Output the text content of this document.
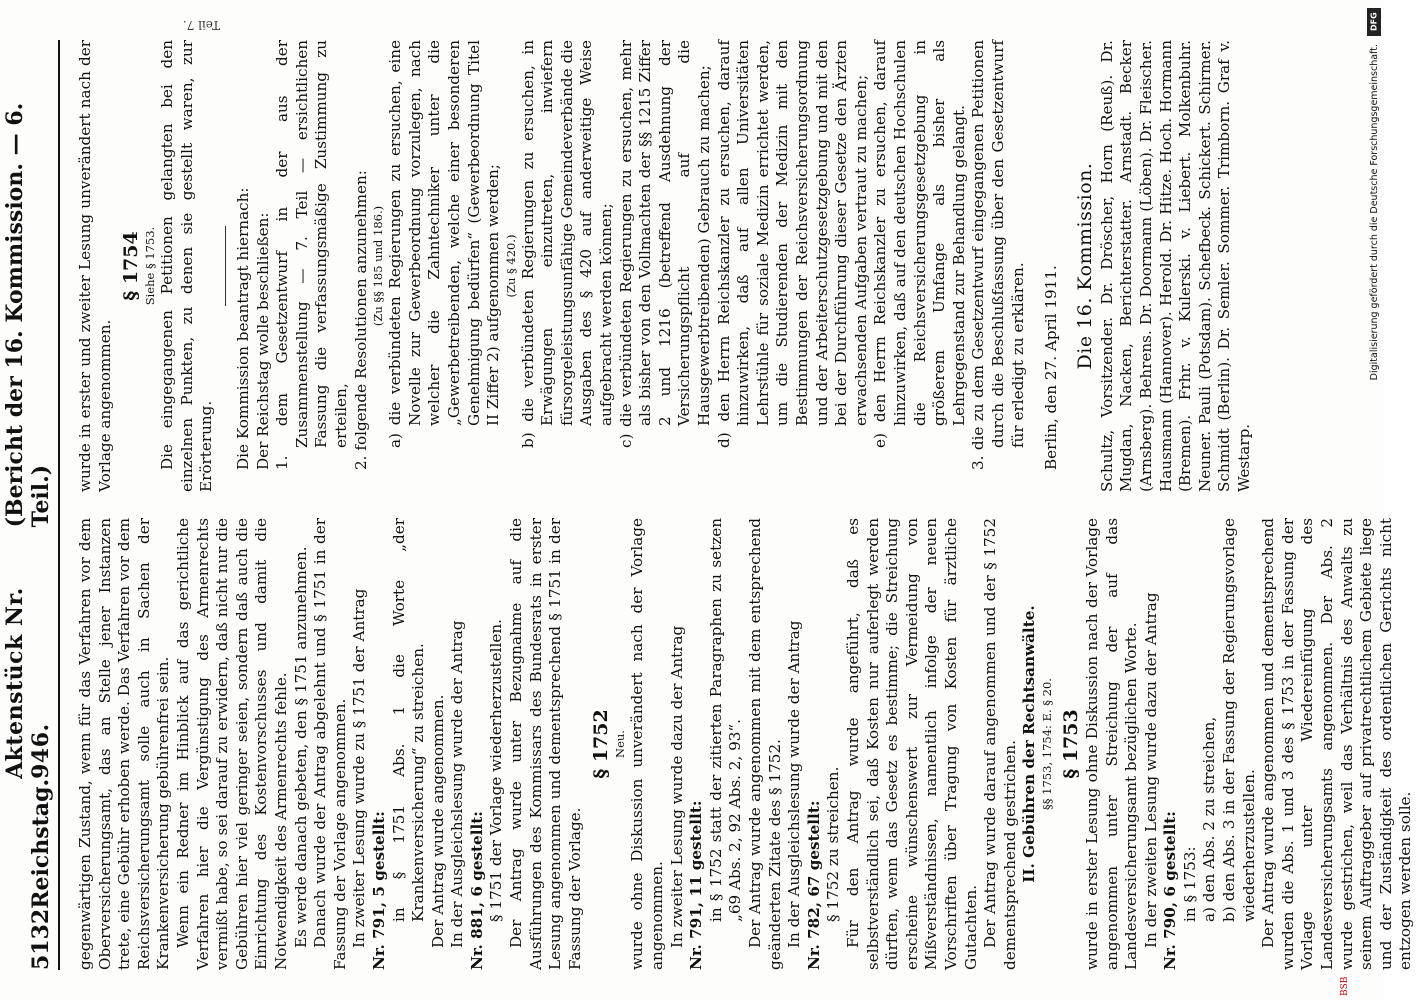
5132
Reichstag.
Aktenstück Nr. 946.
(Bericht der 16. Kommission. — 6. Teil.)

gegenwärtigen Zustand, wenn für das Verfahren vor dem Oberversicherungsamt, das an Stelle jener Instanzen trete, eine Gebühr erhoben werde. Das Verfahren vor dem Reichsversicherungsamt solle auch in Sachen der Krankenversicherung gebührenfrei sein. Wenn ein Redner im Hinblick auf das gerichtliche Verfahren hier die Vergünstigung des Armenrechts vermißt habe, so sei darauf zu erwidern, daß nicht nur die Gebühren hier viel geringer seien, sondern daß auch die Einrichtung des Kostenvorschusses und damit die Notwendigkeit des Armenrechts fehle. Es werde danach gebeten, den § 1751 anzunehmen. Danach wurde der Antrag abgelehnt und § 1751 in der Fassung der Vorlage angenommen. In zweiter Lesung wurde zu § 1751 der Antrag Nr. 791, 5 gestellt: in § 1751 Abs. 1 die Worte „der Krankenversicherung“ zu streichen. Der Antrag wurde angenommen. In der Ausgleichslesung wurde der Antrag Nr. 881, 6 gestellt: § 1751 der Vorlage wiederherzustellen. Der Antrag wurde unter Bezugnahme auf die Ausführungen des Kommissars des Bundesrats in erster Lesung angenommen und dementsprechend § 1751 in der Fassung der Vorlage.

§ 1752 Neu. wurde ohne Diskussion unverändert nach der Vorlage angenommen. In zweiter Lesung wurde dazu der Antrag Nr. 791, 11 gestellt: in § 1752 statt der zitierten Paragraphen zu setzen „69 Abs. 2, 92 Abs. 2, 93“. Der Antrag wurde angenommen mit dem entsprechend geänderten Zitate des § 1752. In der Ausgleichslesung wurde der Antrag Nr. 782, 67 gestellt: § 1752 zu streichen. Für den Antrag wurde angeführt, daß es selbstverständlich sei, daß Kosten nur auferlegt werden dürften, wenn das Gesetz es bestimme; die Streichung erscheine wünschenswert zur Vermeidung von Mißverständnissen, namentlich infolge der neuen Vorschriften über Tragung von Kosten für ärztliche Gutachten. Der Antrag wurde darauf angenommen und der § 1752 dementsprechend gestrichen. II. Gebühren der Rechtsanwälte. §§ 1753, 1754: E. § 20. § 1753 wurde in erster Lesung ohne Diskussion nach der Vorlage angenommen unter Streichung der auf das Landesversicherungsamt bezüglichen Worte. In der zweiten Lesung wurde dazu der Antrag Nr. 790, 6 gestellt: in § 1753: a) den Abs. 2 zu streichen, b) den Abs. 3 in der Fassung der Regierungsvorlage wiederherzustellen. Der Antrag wurde angenommen und dementsprechend wurden die Abs. 1 und 3 des § 1753 in der Fassung der Vorlage unter Wiedereinfügung des Landesversicherungsamts angenommen. Der Abs. 2 wurde gestrichen, weil das Verhältnis des Anwalts zu seinem Auftraggeber auf privatrechtlichem Gebiete liege und der Zuständigkeit des ordentlichen Gerichts nicht entzogen werden solle.

wurde in erster und zweiter Lesung unverändert nach der Vorlage angenommen.

§ 1754 Siehe § 1753. Die eingegangenen Petitionen gelangten bei den einzelnen Punkten, zu denen sie gestellt waren, zur Erörterung. Die Kommission beantragt hiernach: Der Reichstag wolle beschließen: 1. dem Gesetzentwurf in der aus der Zusammenstellung — 7. Teil — ersichtlichen Fassung die verfassungsmäßige Zustimmung zu erteilen, 2. folgende Resolutionen anzunehmen: (Zu §§ 185 und 186.) a) die verbündeten Regierungen zu ersuchen, eine Novelle zur Gewerbeordnung vorzulegen, nach welcher die Zahntechniker unter die „Gewerbetreibenden, welche einer besonderen Genehmigung bedürfen“ (Gewerbeordnung Titel II Ziffer 2) aufgenommen werden; (Zu § 420.) b) die verbündeten Regierungen zu ersuchen, in Erwägungen einzutreten, inwiefern fürsorgeleistungsunfähige Gemeindeverbände die Ausgaben des § 420 auf anderweitige Weise aufgebracht werden können; c) die verbündeten Regierungen zu ersuchen, mehr als bisher von den Vollmachten der §§ 1215 Ziffer 2 und 1216 (betreffend Ausdehnung der Versicherungspflicht auf die Hausgewerbtreibenden) Gebrauch zu machen; d) den Herrn Reichskanzler zu ersuchen, darauf hinzuwirken, daß auf allen Universitäten Lehrstühle für soziale Medizin errichtet werden, um die Studierenden der Medizin mit den Bestimmungen der Reichsversicherungsordnung und der Arbeiterschutzgesetzgebung und mit den bei der Durchführung dieser Gesetze den Ärzten erwachsenden Aufgaben vertraut zu machen; e) den Herrn Reichskanzler zu ersuchen, darauf hinzuwirken, daß auf den deutschen Hochschulen die Reichsversicherungsgesetzgebung in größerem Umfange als bisher als Lehrgegenstand zur Behandlung gelangt. 3. die zu dem Gesetzentwurf eingegangenen Petitionen durch die Beschlußfassung über den Gesetzentwurf für erledigt zu erklären. Berlin, den 27. April 1911. Die 16. Kommission. Schultz, Vorsitzender. Dr. Dröscher, Horn (Reuß). Dr. Mugdan, Nacken, Berichterstatter. Arnstadt. Becker (Arnsberg). Behrens. Dr. Doormann (Löben). Dr. Fleischer. Hausmann (Hannover). Herold. Dr. Hitze. Hoch. Hormann (Bremen). Frhr. v. Kulerski. v. Liebert. Molkenbuhr. Neuner. Pauli (Potsdam). Schefbeck. Schickert. Schirmer. Schmidt (Berlin). Dr. Semler. Sommer. Trimborn. Graf v. Westarp.

Teil 7.
BSB
DFG
Digitalisierung gefördert durch die Deutsche Forschungsgemeinschaft.
